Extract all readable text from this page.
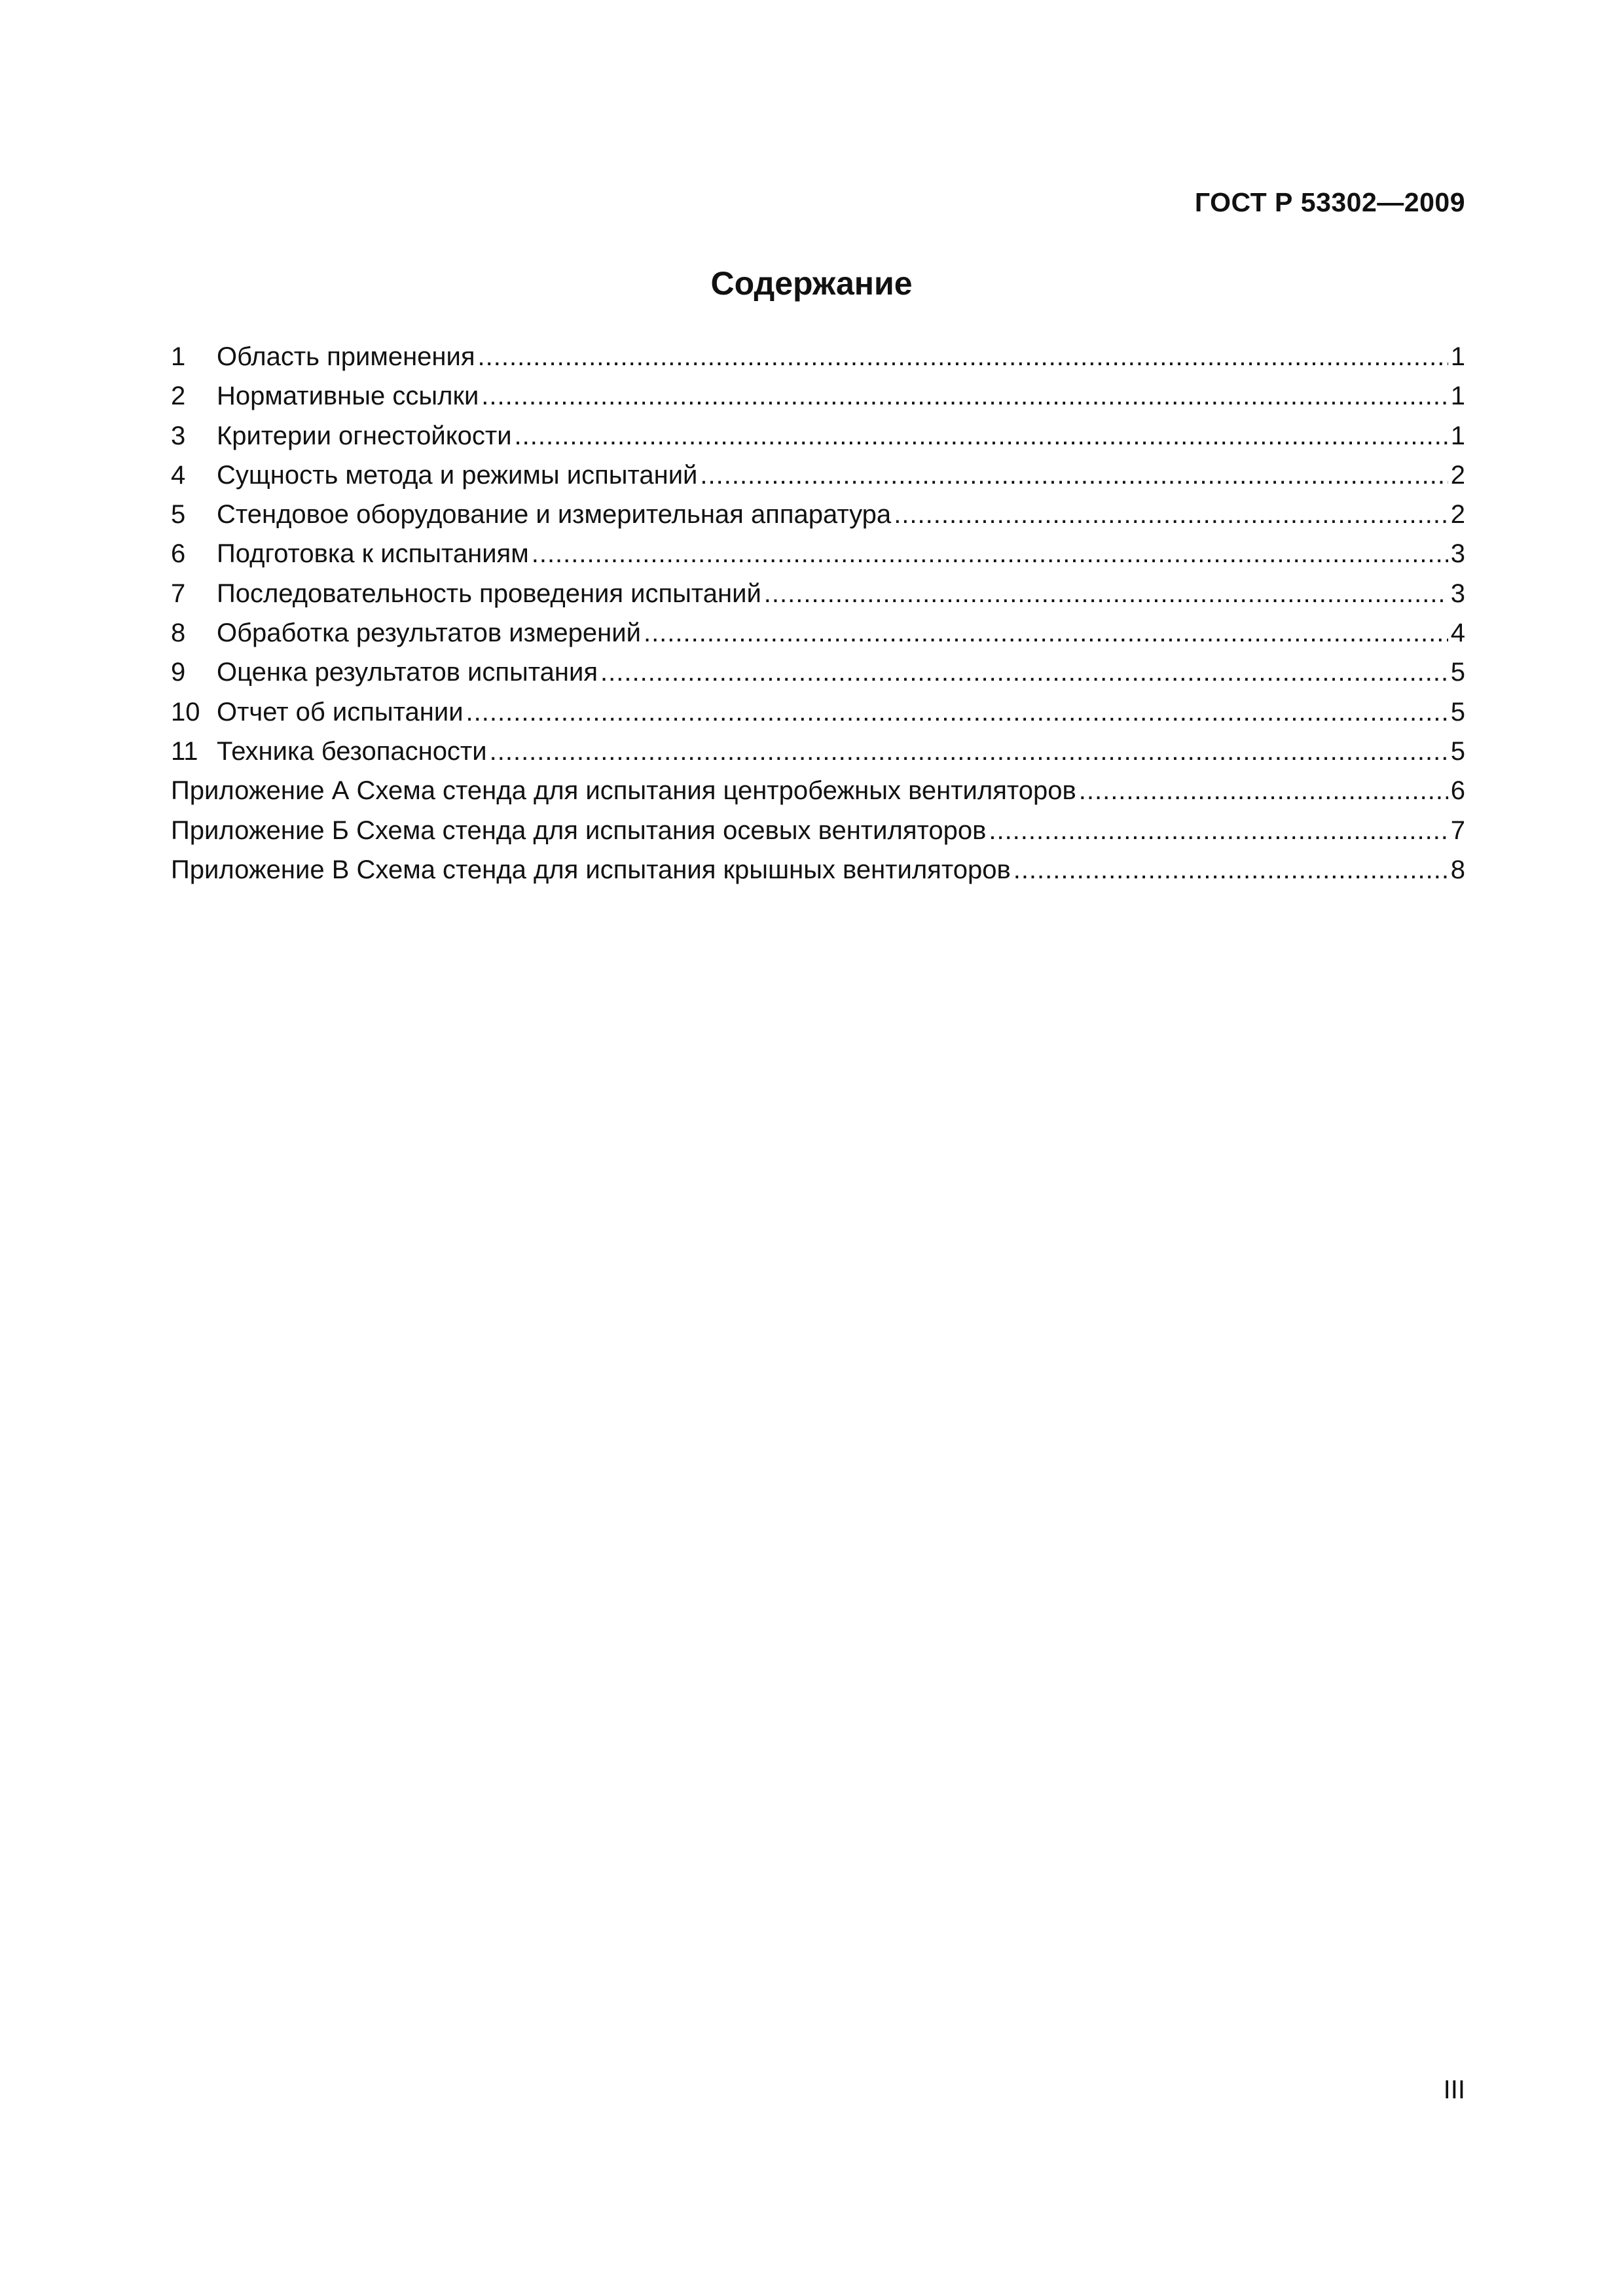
ГОСТ Р 53302—2009
Содержание
1	Область применения .....	1
2	Нормативные ссылки .....	1
3	Критерии огнестойкости .....	1
4	Сущность метода и режимы испытаний .....	2
5	Стендовое оборудование и измерительная аппаратура .....	2
6	Подготовка к испытаниям .....	3
7	Последовательность проведения испытаний .....	3
8	Обработка результатов измерений .....	4
9	Оценка результатов испытания .....	5
10 Отчет об испытании .....	5
11 Техника безопасности .....	5
Приложение А Схема стенда для испытания центробежных вентиляторов .....	6
Приложение Б Схема стенда для испытания осевых вентиляторов .....	7
Приложение В Схема стенда для испытания крышных вентиляторов .....	8
III
